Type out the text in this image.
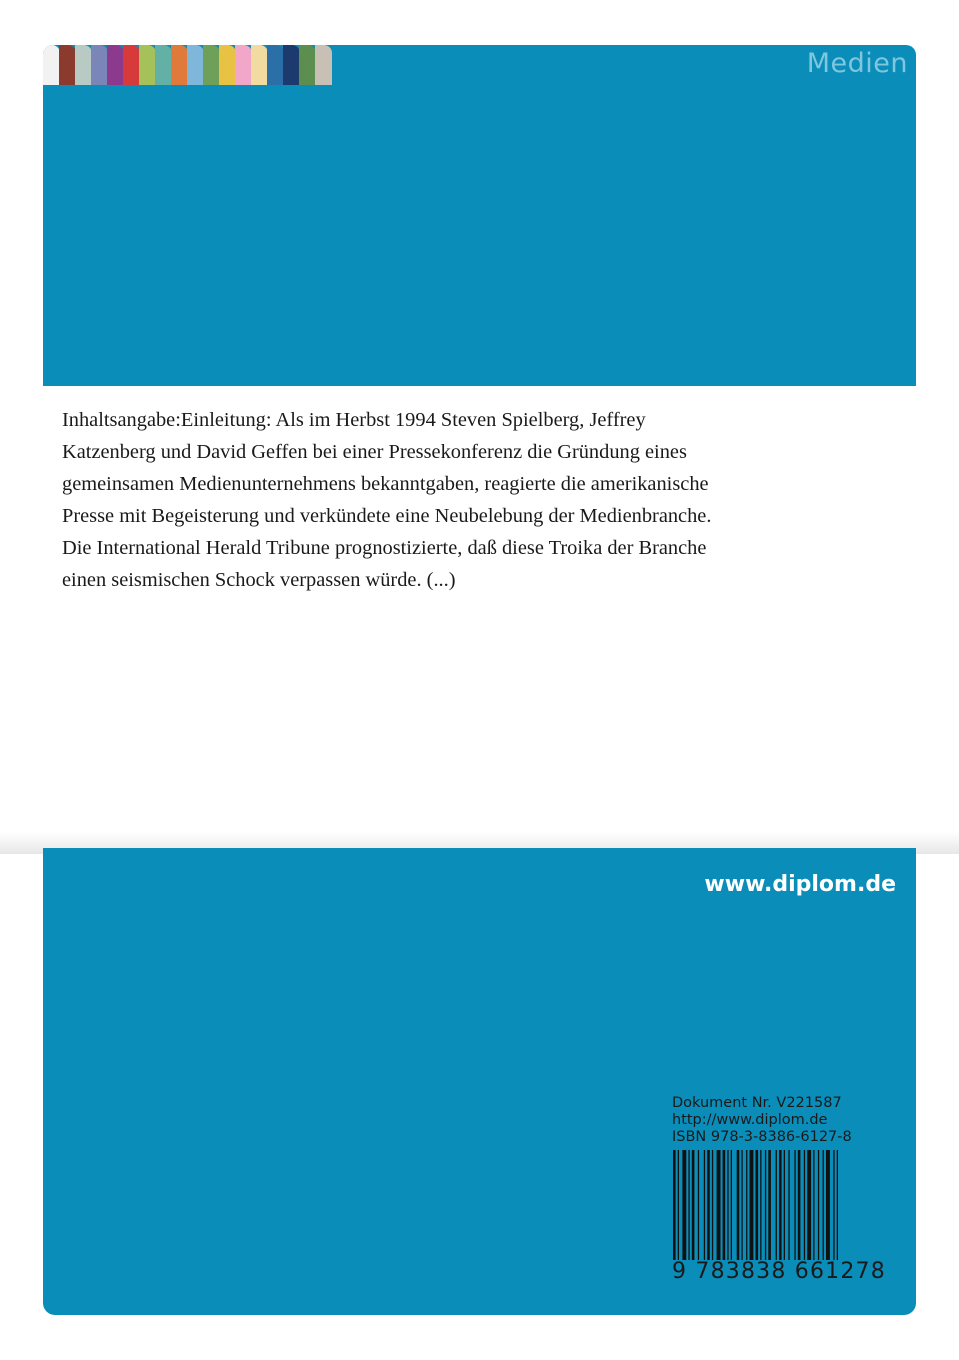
Medien

Inhaltsangabe:Einleitung: Als im Herbst 1994 Steven Spielberg, Jeffrey

Katzenberg und David Geffen bei einer Pressekonferenz die Gründung eines

gemeinsamen Medienunternehmens bekanntgaben, reagierte die amerikanische

Presse mit Begeisterung und verkündete eine Neubelebung der Medienbranche.

Die International Herald Tribune prognostizierte, daß diese Troika der Branche

einen seismischen Schock verpassen würde. (...)

www.diplom.de
Dokument Nr. V221587
http://www.diplom.de
ISBN 978-3-8386-6127-8
9 783838 661278
